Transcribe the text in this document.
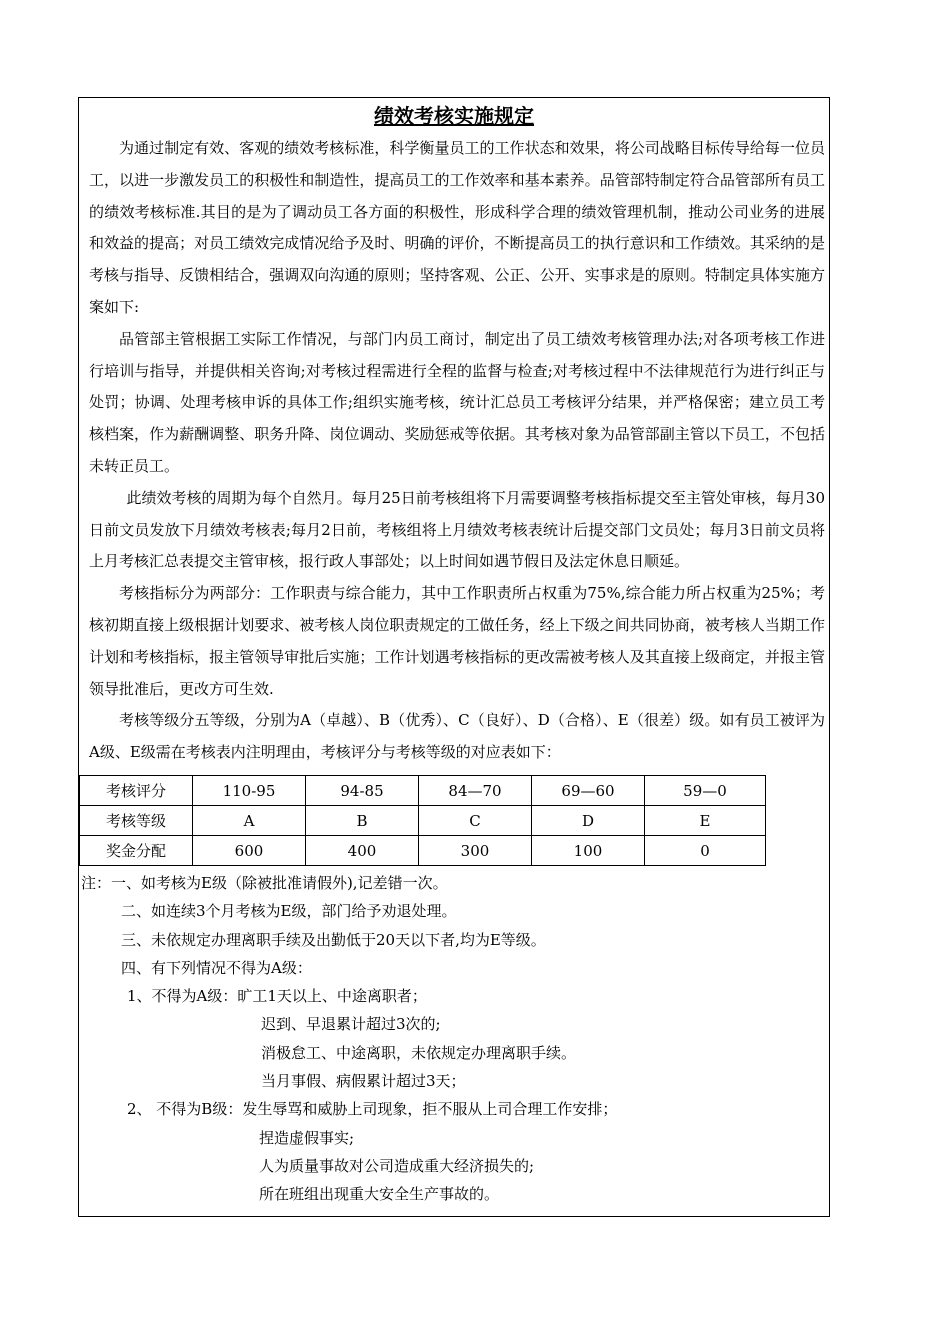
绩效考核实施规定

为通过制定有效、客观的绩效考核标准，科学衡量员工的工作状态和效果，将公司战略目标传导给每一位员工，以进一步激发员工的积极性和制造性，提高员工的工作效率和基本素养。品管部特制定符合品管部所有员工的绩效考核标准.其目的是为了调动员工各方面的积极性，形成科学合理的绩效管理机制，推动公司业务的进展和效益的提高；对员工绩效完成情况给予及时、明确的评价，不断提高员工的执行意识和工作绩效。其采纳的是考核与指导、反馈相结合，强调双向沟通的原则；坚持客观、公正、公开、实事求是的原则。特制定具体实施方案如下:

品管部主管根据工实际工作情况，与部门内员工商讨，制定出了员工绩效考核管理办法;对各项考核工作进行培训与指导，并提供相关咨询;对考核过程需进行全程的监督与检查;对考核过程中不法律规范行为进行纠正与处罚；协调、处理考核申诉的具体工作;组织实施考核，统计汇总员工考核评分结果，并严格保密；建立员工考核档案，作为薪酬调整、职务升降、岗位调动、奖励惩戒等依据。其考核对象为品管部副主管以下员工，不包括未转正员工。

此绩效考核的周期为每个自然月。每月25日前考核组将下月需要调整考核指标提交至主管处审核，每月30日前文员发放下月绩效考核表;每月2日前，考核组将上月绩效考核表统计后提交部门文员处；每月3日前文员将上月考核汇总表提交主管审核，报行政人事部处；以上时间如遇节假日及法定休息日顺延。

考核指标分为两部分：工作职责与综合能力，其中工作职责所占权重为75%,综合能力所占权重为25%；考核初期直接上级根据计划要求、被考核人岗位职责规定的工做任务，经上下级之间共同协商，被考核人当期工作计划和考核指标，报主管领导审批后实施；工作计划遇考核指标的更改需被考核人及其直接上级商定，并报主管领导批准后，更改方可生效.

考核等级分五等级，分别为A（卓越）、B（优秀）、C（良好）、D（合格）、E（很差）级。如有员工被评为A级、E级需在考核表内注明理由，考核评分与考核等级的对应表如下：

考核评分	110-95	94-85	84—70	69—60	59—0
考核等级	A	B	C	D	E
奖金分配	600	400	300	100	0
注：一、如考核为E级（除被批准请假外),记差错一次。
二、如连续3个月考核为E级，部门给予劝退处理。
三、未依规定办理离职手续及出勤低于20天以下者,均为E等级。
四、有下列情况不得为A级：
1、不得为A级：旷工1天以上、中途离职者；
迟到、早退累计超过3次的;
消极怠工、中途离职，未依规定办理离职手续。
当月事假、病假累计超过3天；
2、 不得为B级：发生辱骂和威胁上司现象，拒不服从上司合理工作安排；
捏造虚假事实;
人为质量事故对公司造成重大经济损失的;
所在班组出现重大安全生产事故的。
